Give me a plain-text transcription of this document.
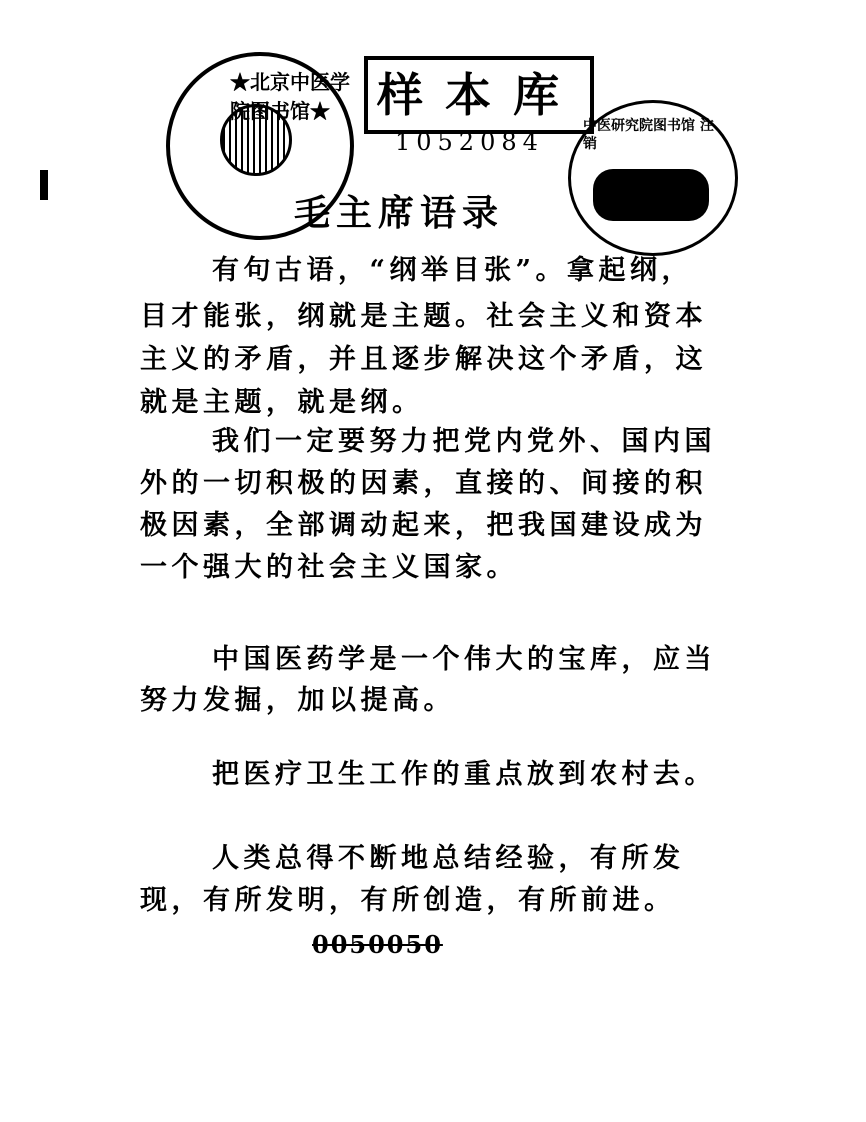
★北京中医学院图书馆★	样本库
1052084
中医研究院图书馆 注销
毛主席语录
有句古语，“纲举目张”。拿起纲，
目才能张，纲就是主题。社会主义和资本
主义的矛盾，并且逐步解决这个矛盾，这
就是主题，就是纲。
我们一定要努力把党内党外、国内国
外的一切积极的因素，直接的、间接的积
极因素，全部调动起来，把我国建设成为
一个强大的社会主义国家。
中国医药学是一个伟大的宝库，应当
努力发掘，加以提高。
把医疗卫生工作的重点放到农村去。
人类总得不断地总结经验，有所发
现，有所发明，有所创造，有所前进。
0050050
